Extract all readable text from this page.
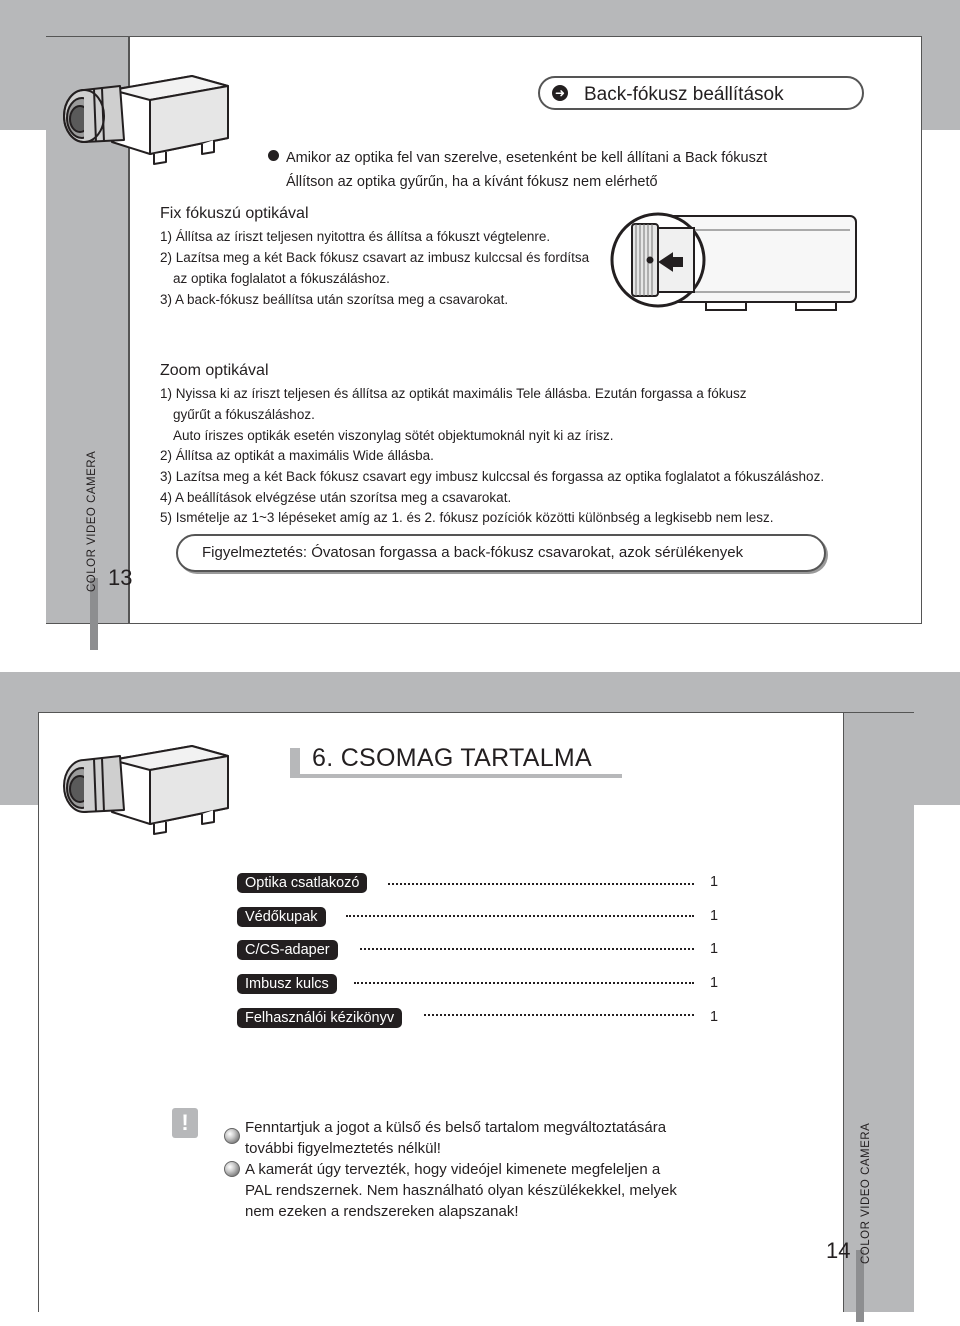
➜ Back-fókusz beállítások
Amikor az optika fel van szerelve, esetenként be kell állítani a Back fókuszt
Állítson az optika gyűrűn, ha a kívánt fókusz nem elérhető
Fix fókuszú optikával
1) Állítsa az íriszt teljesen nyitottra és állítsa a fókuszt végtelenre.
2) Lazítsa meg a két Back fókusz csavart az imbusz kulccsal és fordítsa
az optika foglalatot a fókuszáláshoz.
3) A back-fókusz beállítsa után szorítsa meg a csavarokat.
Zoom optikával
1) Nyissa ki az íriszt teljesen és állítsa az optikát maximális Tele állásba. Ezután forgassa a fókusz
gyűrűt a fókuszáláshoz.
Auto íriszes optikák esetén viszonylag sötét objektumoknál nyit ki az írisz.
2) Állítsa az optikát a maximális Wide állásba.
3) Lazítsa meg a két Back fókusz csavart egy imbusz kulccsal és forgassa az optika foglalatot a fókuszáláshoz.
4) A beállítások elvégzése után szorítsa meg a csavarokat.
5) Ismételje az 1~3 lépéseket amíg az 1. és 2. fókusz pozíciók közötti különbség a legkisebb nem lesz.
Figyelmeztetés: Óvatosan forgassa a back-fókusz csavarokat, azok sérülékenyek
COLOR VIDEO CAMERA 13
6. CSOMAG TARTALMA
Optika csatlakozó	1
Védőkupak	1
C/CS-adaper	1
Imbusz kulcs	1
Felhasználói kézikönyv	1
!	Fenntartjuk a jogot a külső és belső tartalom megváltoztatására
további figyelmeztetés nélkül!
A kamerát úgy tervezték, hogy videójel kimenete megfeleljen a
PAL rendszernek. Nem használható olyan készülékekkel, melyek
nem ezeken a rendszereken alapszanak!	COLOR VIDEO CAMERA
14
